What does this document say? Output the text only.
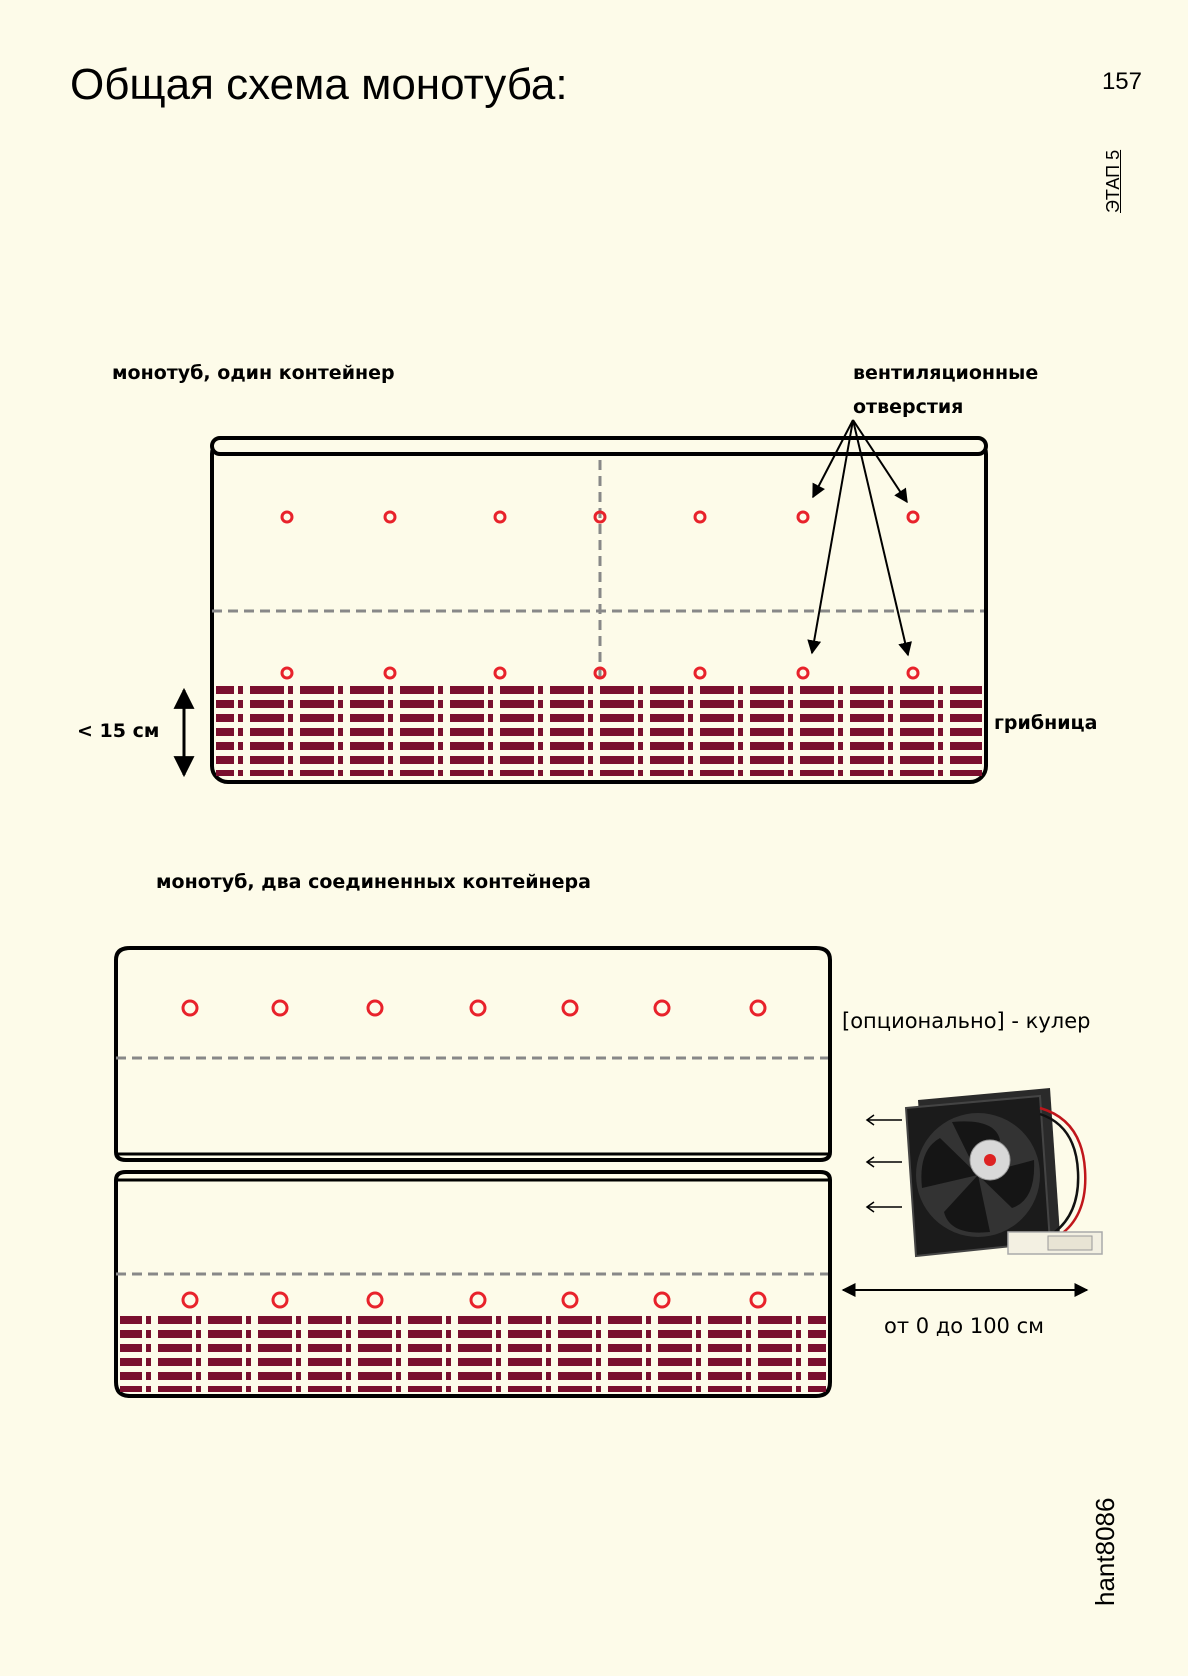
Общая схема монотуба:	157
ЭТАП 5
hant8086
монотуб, один контейнер	вентиляционные
отверстия
< 15 см	грибница
монотуб, два соединенных контейнера
[опционально] - кулер
от 0 до 100 см
